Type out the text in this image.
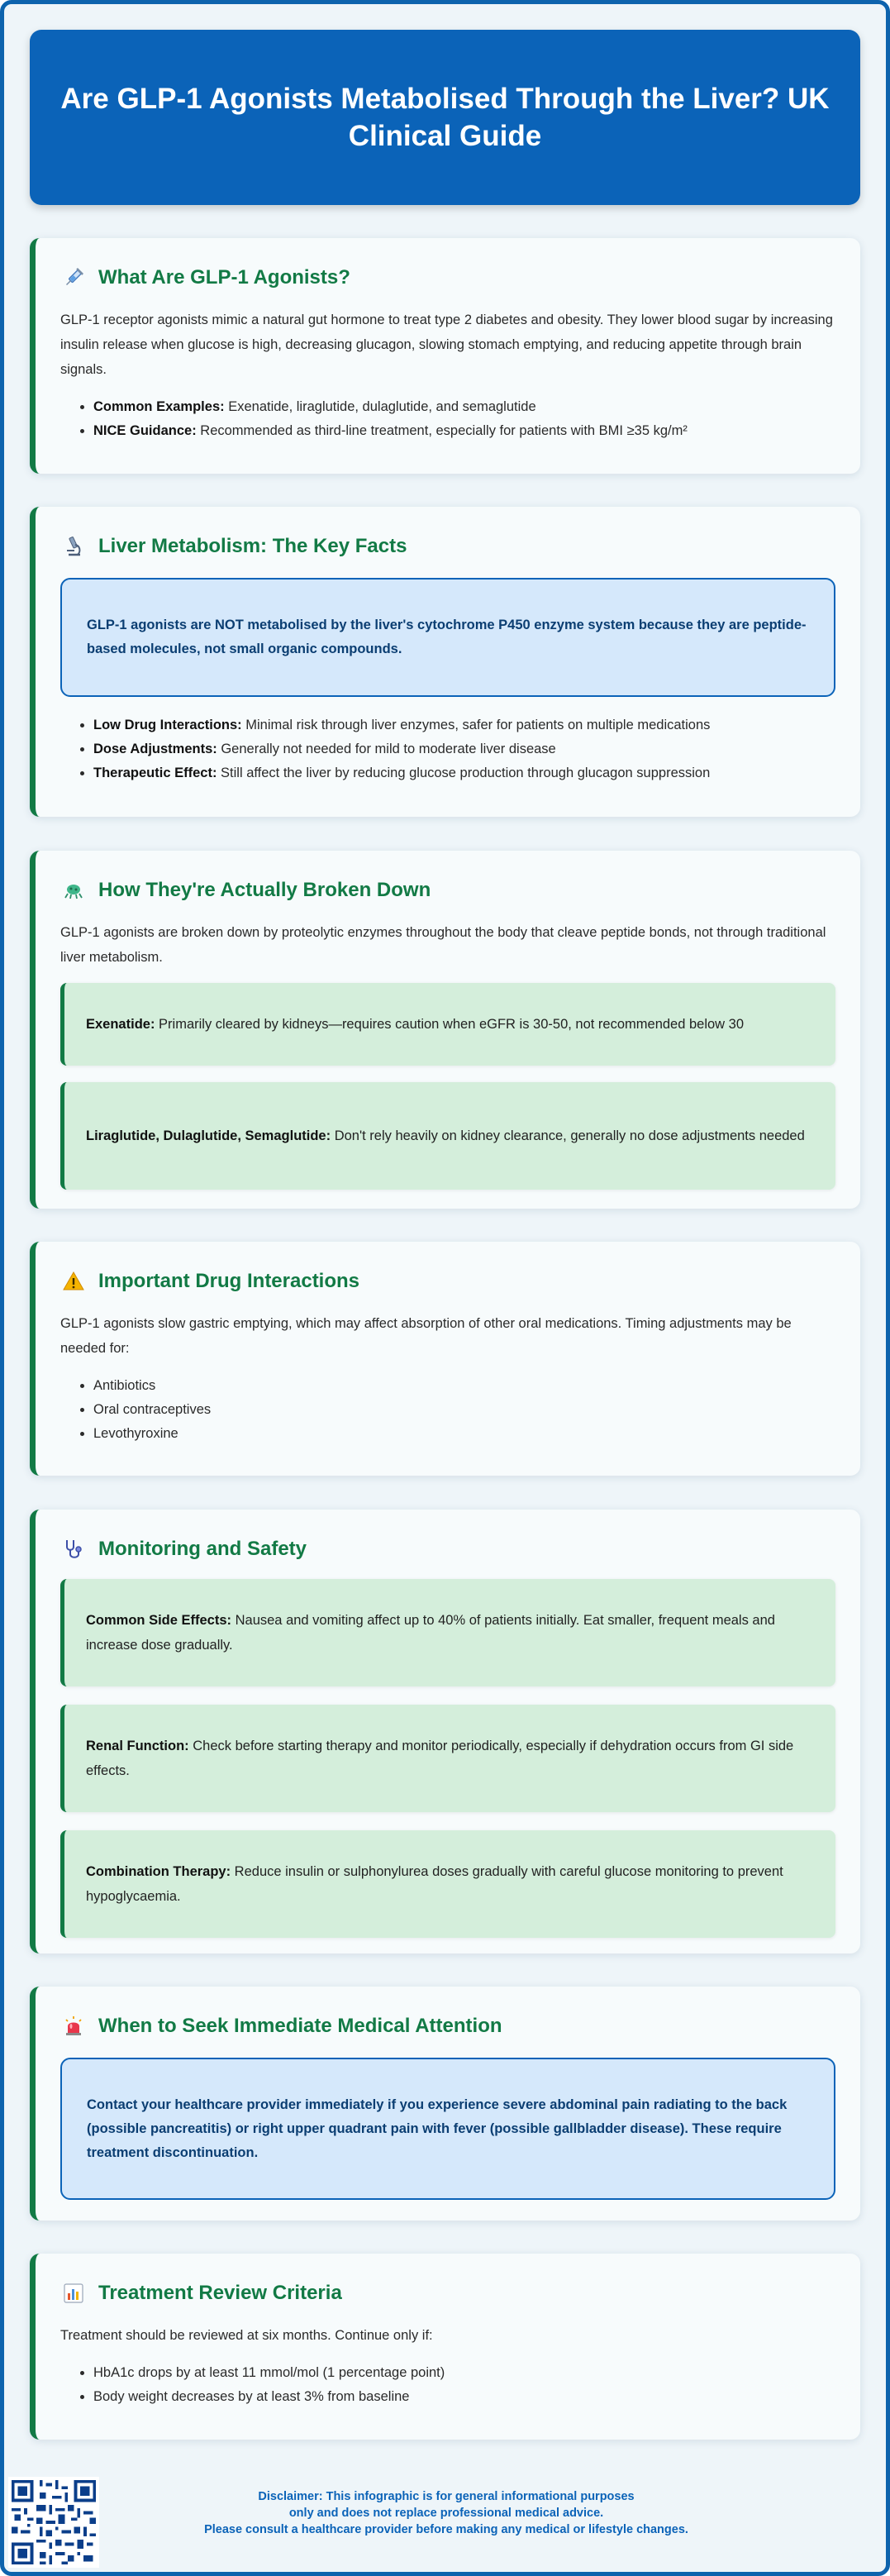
Are GLP-1 Agonists Metabolised Through the Liver? UK Clinical Guide
What Are GLP-1 Agonists?

GLP-1 receptor agonists mimic a natural gut hormone to treat type 2 diabetes and obesity. They lower blood sugar by increasing insulin release when glucose is high, decreasing glucagon, slowing stomach emptying, and reducing appetite through brain signals.

• Common Examples: Exenatide, liraglutide, dulaglutide, and semaglutide
• NICE Guidance: Recommended as third-line treatment, especially for patients with BMI ≥35 kg/m²
Liver Metabolism: The Key Facts
GLP-1 agonists are NOT metabolised by the liver's cytochrome P450 enzyme system because they are peptide-based molecules, not small organic compounds.
• Low Drug Interactions: Minimal risk through liver enzymes, safer for patients on multiple medications
• Dose Adjustments: Generally not needed for mild to moderate liver disease
• Therapeutic Effect: Still affect the liver by reducing glucose production through glucagon suppression
How They're Actually Broken Down

GLP-1 agonists are broken down by proteolytic enzymes throughout the body that cleave peptide bonds, not through traditional liver metabolism.

Exenatide: Primarily cleared by kidneys—requires caution when eGFR is 30-50, not recommended below 30
Liraglutide, Dulaglutide, Semaglutide: Don't rely heavily on kidney clearance, generally no dose adjustments needed
Important Drug Interactions

GLP-1 agonists slow gastric emptying, which may affect absorption of other oral medications. Timing adjustments may be needed for:

• Antibiotics
• Oral contraceptives
• Levothyroxine
Monitoring and Safety
Common Side Effects: Nausea and vomiting affect up to 40% of patients initially. Eat smaller, frequent meals and increase dose gradually.
Renal Function: Check before starting therapy and monitor periodically, especially if dehydration occurs from GI side effects.
Combination Therapy: Reduce insulin or sulphonylurea doses gradually with careful glucose monitoring to prevent hypoglycaemia.
When to Seek Immediate Medical Attention
Contact your healthcare provider immediately if you experience severe abdominal pain radiating to the back (possible pancreatitis) or right upper quadrant pain with fever (possible gallbladder disease). These require treatment discontinuation.
Treatment Review Criteria

Treatment should be reviewed at six months. Continue only if:

• HbA1c drops by at least 11 mmol/mol (1 percentage point)
• Body weight decreases by at least 3% from baseline
Disclaimer: This infographic is for general informational purposes
only and does not replace professional medical advice.
Please consult a healthcare provider before making any medical or lifestyle changes.
